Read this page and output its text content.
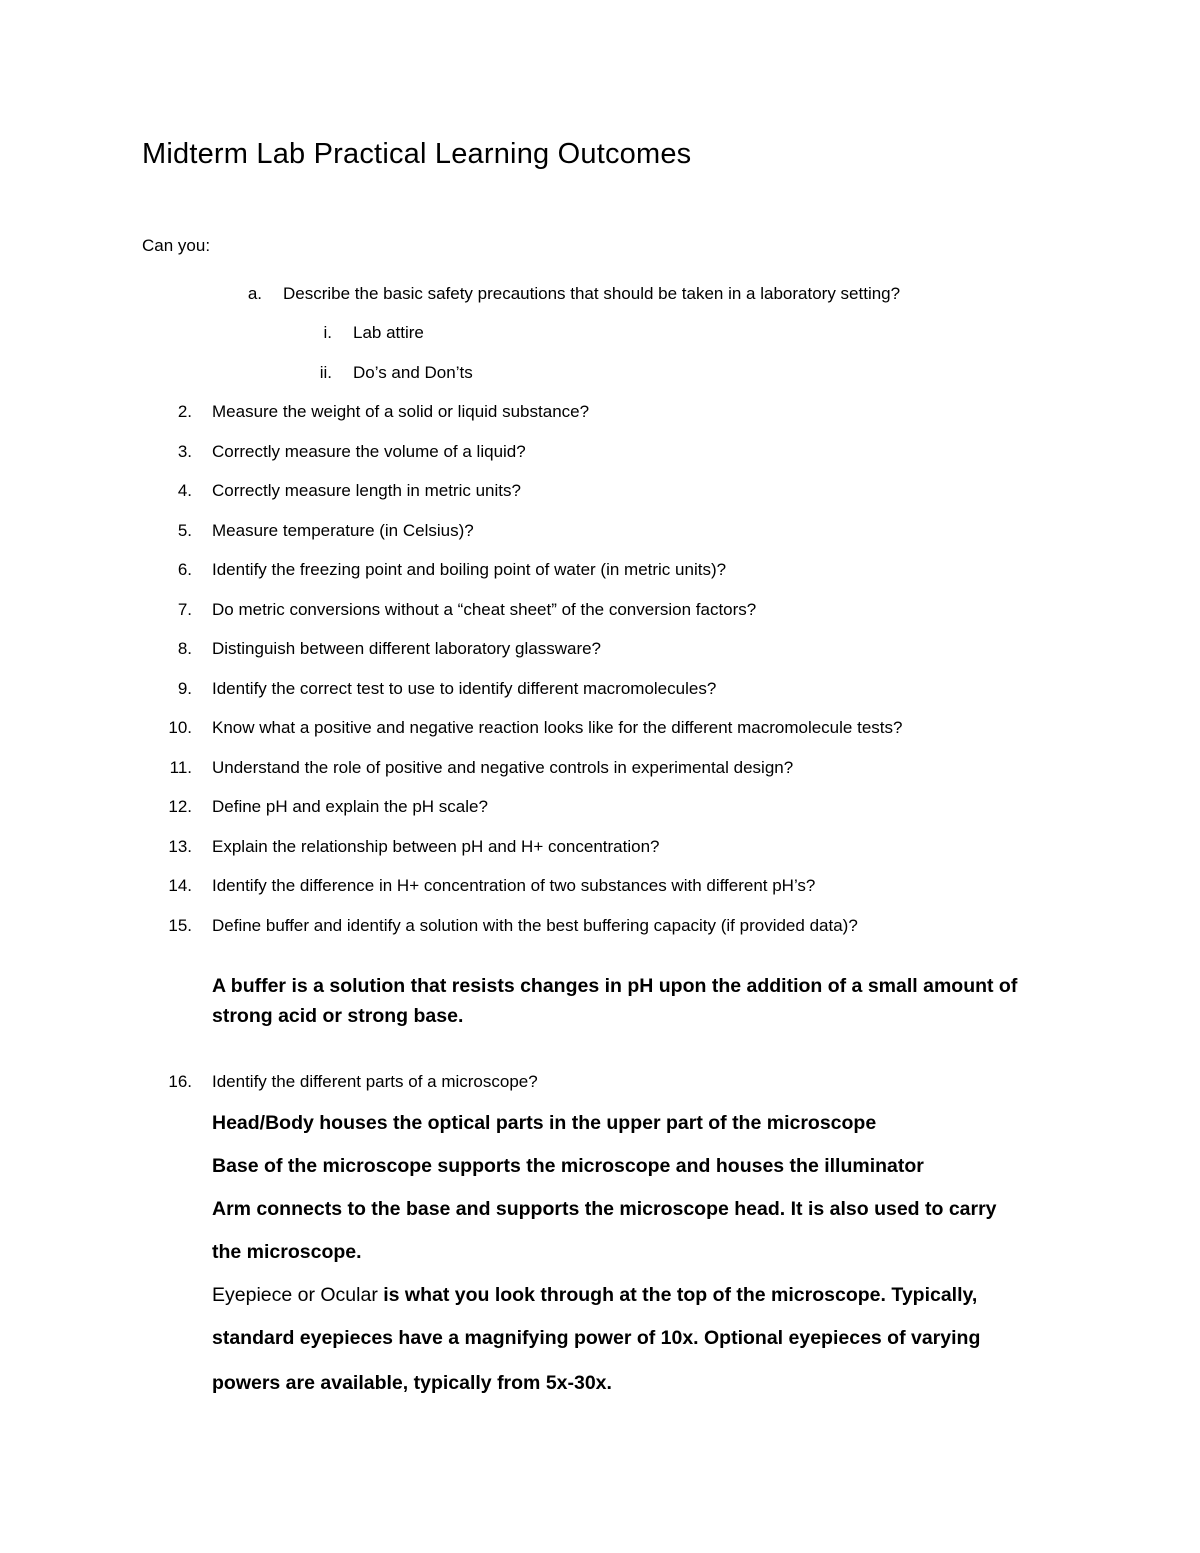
Midterm Lab Practical Learning Outcomes
Can you:
a. Describe the basic safety precautions that should be taken in a laboratory setting?
i. Lab attire
ii. Do’s and Don’ts
2. Measure the weight of a solid or liquid substance?
3. Correctly measure the volume of a liquid?
4. Correctly measure length in metric units?
5. Measure temperature (in Celsius)?
6. Identify the freezing point and boiling point of water (in metric units)?
7. Do metric conversions without a “cheat sheet” of the conversion factors?
8. Distinguish between different laboratory glassware?
9. Identify the correct test to use to identify different macromolecules?
10. Know what a positive and negative reaction looks like for the different macromolecule tests?
11. Understand the role of positive and negative controls in experimental design?
12. Define pH and explain the pH scale?
13. Explain the relationship between pH and H+ concentration?
14. Identify the difference in H+ concentration of two substances with different pH’s?
15. Define buffer and identify a solution with the best buffering capacity (if provided data)?
A buffer is a solution that resists changes in pH upon the addition of a small amount of
strong acid or strong base.
16. Identify the different parts of a microscope?
Head/Body houses the optical parts in the upper part of the microscope
Base of the microscope supports the microscope and houses the illuminator
Arm connects to the base and supports the microscope head. It is also used to carry
the microscope.
Eyepiece or Ocular is what you look through at the top of the microscope. Typically,
standard eyepieces have a magnifying power of 10x. Optional eyepieces of varying
powers are available, typically from 5x-30x.
